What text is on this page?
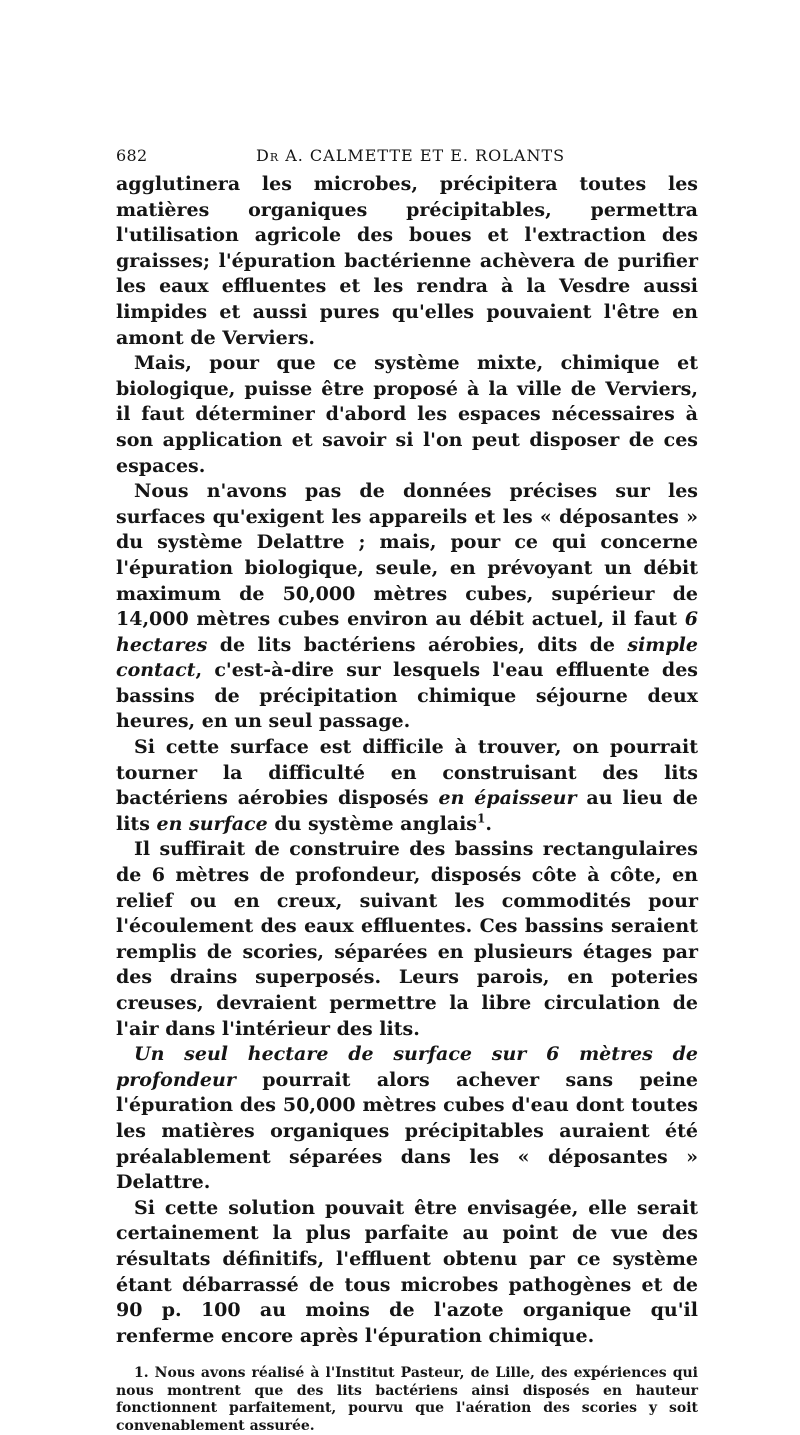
682	Dr A. CALMETTE ET E. ROLANTS

agglutinera les microbes, précipitera toutes les matières organiques précipitables, permettra l'utilisation agricole des boues et l'extraction des graisses; l'épuration bactérienne achèvera de purifier les eaux effluentes et les rendra à la Vesdre aussi limpides et aussi pures qu'elles pouvaient l'être en amont de Verviers.

Mais, pour que ce système mixte, chimique et biologique, puisse être proposé à la ville de Verviers, il faut déterminer d'abord les espaces nécessaires à son application et savoir si l'on peut disposer de ces espaces.

Nous n'avons pas de données précises sur les surfaces qu'exigent les appareils et les « déposantes » du système Delattre ; mais, pour ce qui concerne l'épuration biologique, seule, en prévoyant un débit maximum de 50,000 mètres cubes, supérieur de 14,000 mètres cubes environ au débit actuel, il faut 6 hectares de lits bactériens aérobies, dits de simple contact, c'est-à-dire sur lesquels l'eau effluente des bassins de précipitation chimique séjourne deux heures, en un seul passage.

Si cette surface est difficile à trouver, on pourrait tourner la difficulté en construisant des lits bactériens aérobies disposés en épaisseur au lieu de lits en surface du système anglais$^1$.

Il suffirait de construire des bassins rectangulaires de 6 mètres de profondeur, disposés côte à côte, en relief ou en creux, suivant les commodités pour l'écoulement des eaux effluentes. Ces bassins seraient remplis de scories, séparées en plusieurs étages par des drains superposés. Leurs parois, en poteries creuses, devraient permettre la libre circulation de l'air dans l'intérieur des lits.

Un seul hectare de surface sur 6 mètres de profondeur pourrait alors achever sans peine l'épuration des 50,000 mètres cubes d'eau dont toutes les matières organiques précipitables auraient été préalablement séparées dans les « déposantes » Delattre.

Si cette solution pouvait être envisagée, elle serait certainement la plus parfaite au point de vue des résultats définitifs, l'effluent obtenu par ce système étant débarrassé de tous microbes pathogènes et de 90 p. 100 au moins de l'azote organique qu'il renferme encore après l'épuration chimique.

1. Nous avons réalisé à l'Institut Pasteur, de Lille, des expériences qui nous montrent que des lits bactériens ainsi disposés en hauteur fonctionnent parfaitement, pourvu que l'aération des scories y soit convenablement assurée.
